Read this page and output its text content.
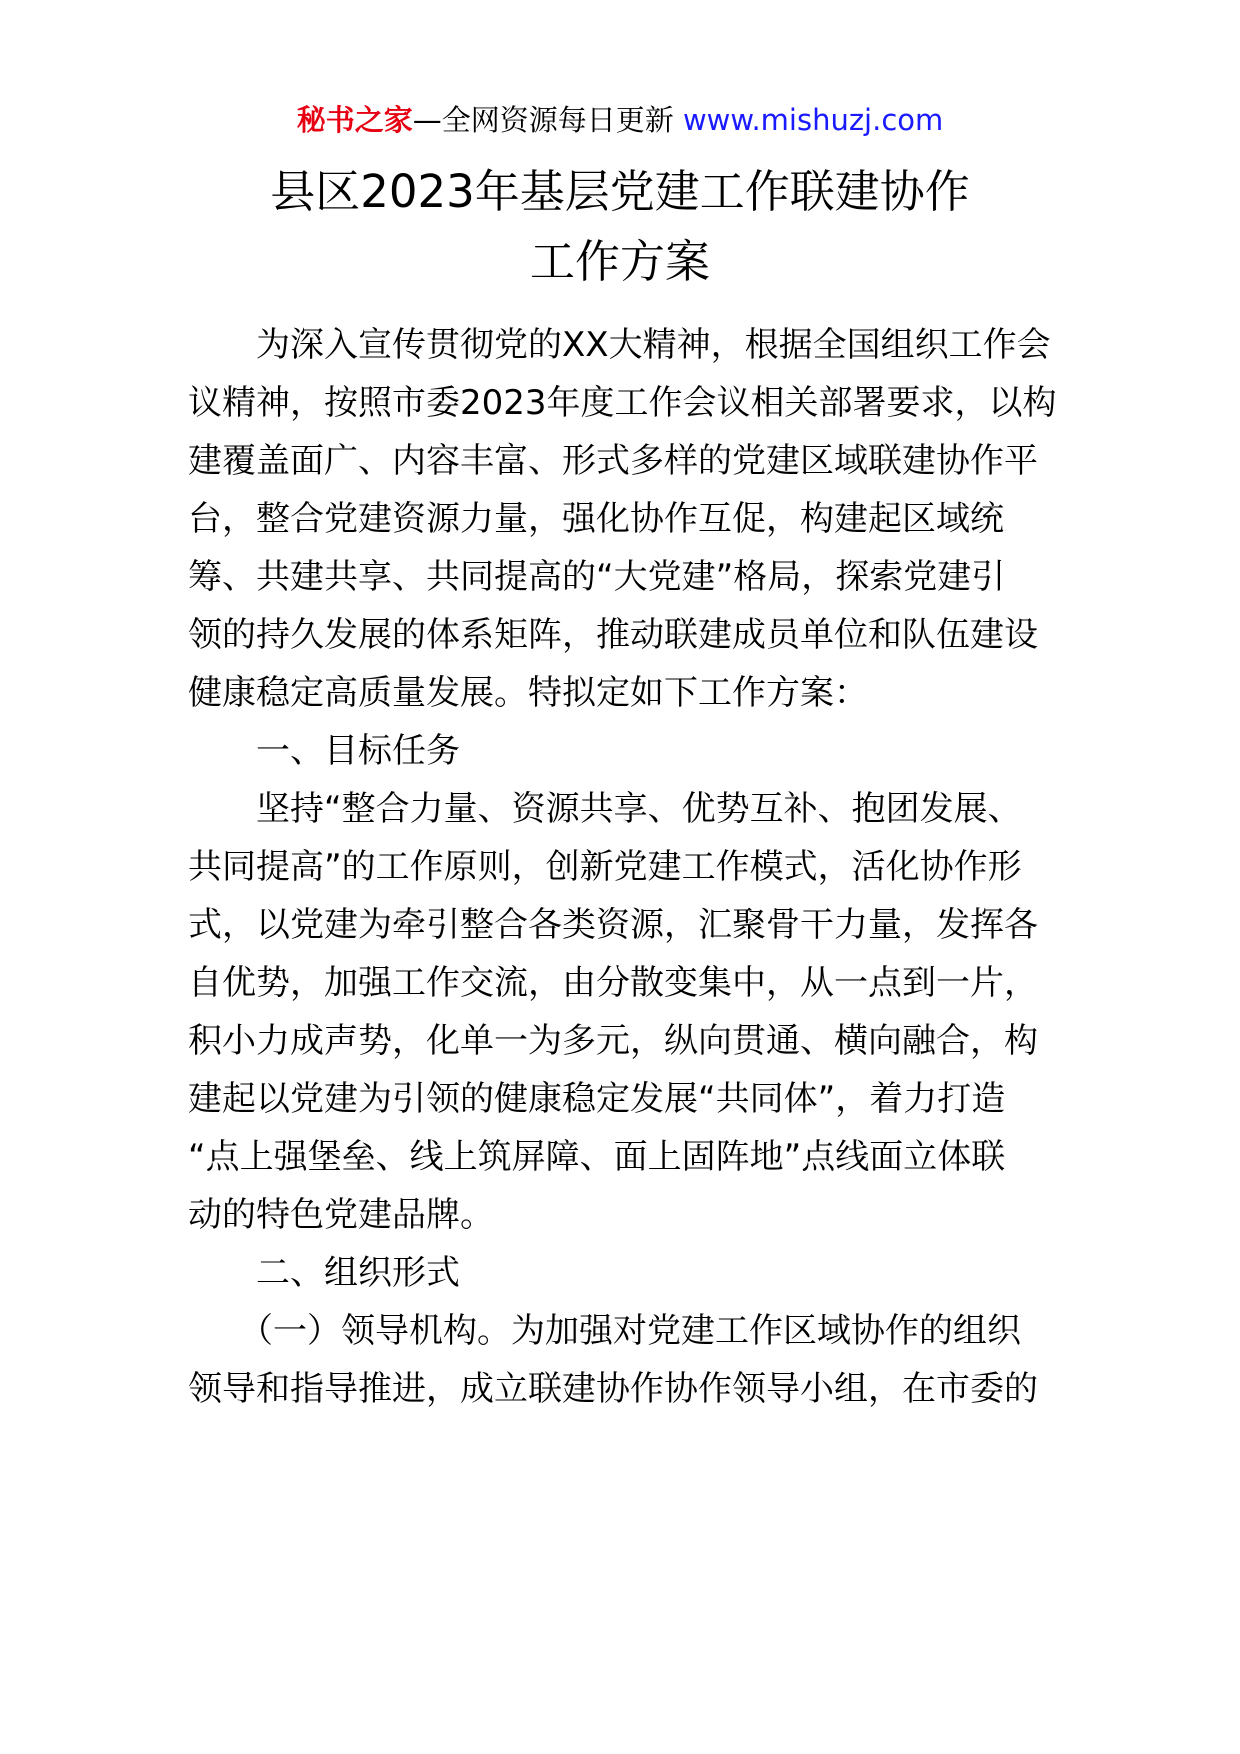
秘书之家—全网资源每日更新 www.mishuzj.com
县区2023年基层党建工作联建协作
工作方案
　　为深入宣传贯彻党的XX大精神，根据全国组织工作会
议精神，按照市委2023年度工作会议相关部署要求，以构
建覆盖面广、内容丰富、形式多样的党建区域联建协作平
台，整合党建资源力量，强化协作互促，构建起区域统
筹、共建共享、共同提高的“大党建”格局，探索党建引
领的持久发展的体系矩阵，推动联建成员单位和队伍建设
健康稳定高质量发展。特拟定如下工作方案：
　　一、目标任务
　　坚持“整合力量、资源共享、优势互补、抱团发展、
共同提高”的工作原则，创新党建工作模式，活化协作形
式，以党建为牵引整合各类资源，汇聚骨干力量，发挥各
自优势，加强工作交流，由分散变集中，从一点到一片，
积小力成声势，化单一为多元，纵向贯通、横向融合，构
建起以党建为引领的健康稳定发展“共同体”，着力打造
“点上强堡垒、线上筑屏障、面上固阵地”点线面立体联
动的特色党建品牌。
　　二、组织形式
　　（一）领导机构。为加强对党建工作区域协作的组织
领导和指导推进，成立联建协作协作领导小组，在市委的
